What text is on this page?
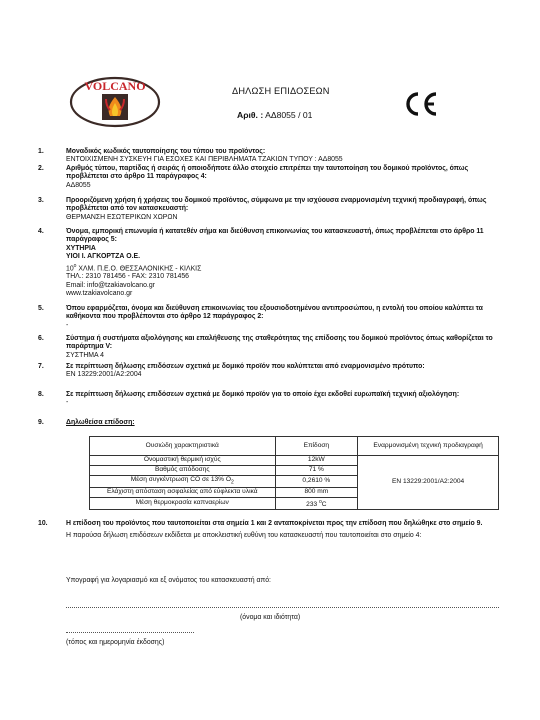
VOLCANO	ΔΗΛΩΣΗ ΕΠΙΔΟΣΕΩΝ
Αριθ. : ΑΔ8055 / 01
1.	Μοναδικός κωδικός ταυτοποίησης του τύπου του προϊόντος:
ΕΝΤΟΙΧΙΣΜΕΝΗ ΣΥΣΚΕΥΗ ΓΙΑ ΕΣΟΧΕΣ ΚΑΙ ΠΕΡΙΒΛΗΜΑΤΑ ΤΖΑΚΙΩΝ ΤΥΠΟΥ : ΑΔ8055
2.	Αριθμός τύπου, παρτίδας ή σειράς ή οποιοδήποτε άλλο στοιχείο επιτρέπει την ταυτοποίηση του δομικού προϊόντος, όπως προβλέπεται στο άρθρο 11 παράγραφος 4:
ΑΔ8055
3.	Προοριζόμενη χρήση ή χρήσεις του δομικού προϊόντος, σύμφωνα με την ισχύουσα εναρμονισμένη τεχνική προδιαγραφή, όπως προβλέπεται από τον κατασκευαστή:
ΘΕΡΜΑΝΣΗ ΕΣΩΤΕΡΙΚΩΝ ΧΩΡΩΝ
4.	Όνομα, εμπορική επωνυμία ή κατατεθέν σήμα και διεύθυνση επικοινωνίας του κατασκευαστή, όπως προβλέπεται στο άρθρο 11 παράγραφος 5:
ΧΥΤΗΡΙΑ
ΥΙΟΙ Ι. ΑΓΚΟΡΤΖΑ Ο.Ε.
$10^o$ ΧΛΜ. Π.Ε.Ο. ΘΕΣΣΑΛΟΝΙΚΗΣ - ΚΙΛΚΙΣ
ΤΗΛ.: 2310 781456 - FAX: 2310 781456
Email: info@tzakiavolcano.gr
www.tzakiavolcano.gr
5.	Όπου εφαρμόζεται, όνομα και διεύθυνση επικοινωνίας του εξουσιοδοτημένου αντιπροσώπου, η εντολή του οποίου καλύπτει τα καθήκοντα που προβλέπονται στο άρθρο 12 παράγραφος 2:
-
6.	Σύστημα ή συστήματα αξιολόγησης και επαλήθευσης της σταθερότητας της επίδοσης του δομικού προϊόντος όπως καθορίζεται το παράρτημα V:
ΣΥΣΤΗΜΑ 4
7.	Σε περίπτωση δήλωσης επιδόσεων σχετικά με δομικό προϊόν που καλύπτεται από εναρμονισμένο πρότυπο:
EN 13229:2001/A2:2004
8.	Σε περίπτωση δήλωσης επιδόσεων σχετικά με δομικό προϊόν για το οποίο έχει εκδοθεί ευρωπαϊκή τεχνική αξιολόγηση:
-
9.	Δηλωθείσα επίδοση:
Ουσιώδη χαρακτηριστικά	Επίδοση	Εναρμονισμένη τεχνική προδιαγραφή
Ονομαστική θερμική ισχύς	12kW	EN 13229:2001/A2:2004
Βαθμός απόδοσης	71 %	
Μέση συγκέντρωση CO σε 13% $O_2$	0,2610 %	
Ελάχιστη απόσταση ασφαλείας από εύφλεκτα υλικά	800 mm	
Μέση θερμοκρασία καπναερίων	233 $^o$C	
10.	Η επίδοση του προϊόντος που ταυτοποιείται στα σημεία 1 και 2 ανταποκρίνεται προς την επίδοση που δηλώθηκε στο σημείο 9.
Η παρούσα δήλωση επιδόσεων εκδίδεται με αποκλειστική ευθύνη του κατασκευαστή που ταυτοποιείται στο σημείο 4:
Υπογραφή για λογαριασμό και εξ ονόματος του κατασκευαστή από:
(όνομα και ιδιότητα)
(τόπος και ημερομηνία έκδοσης)
